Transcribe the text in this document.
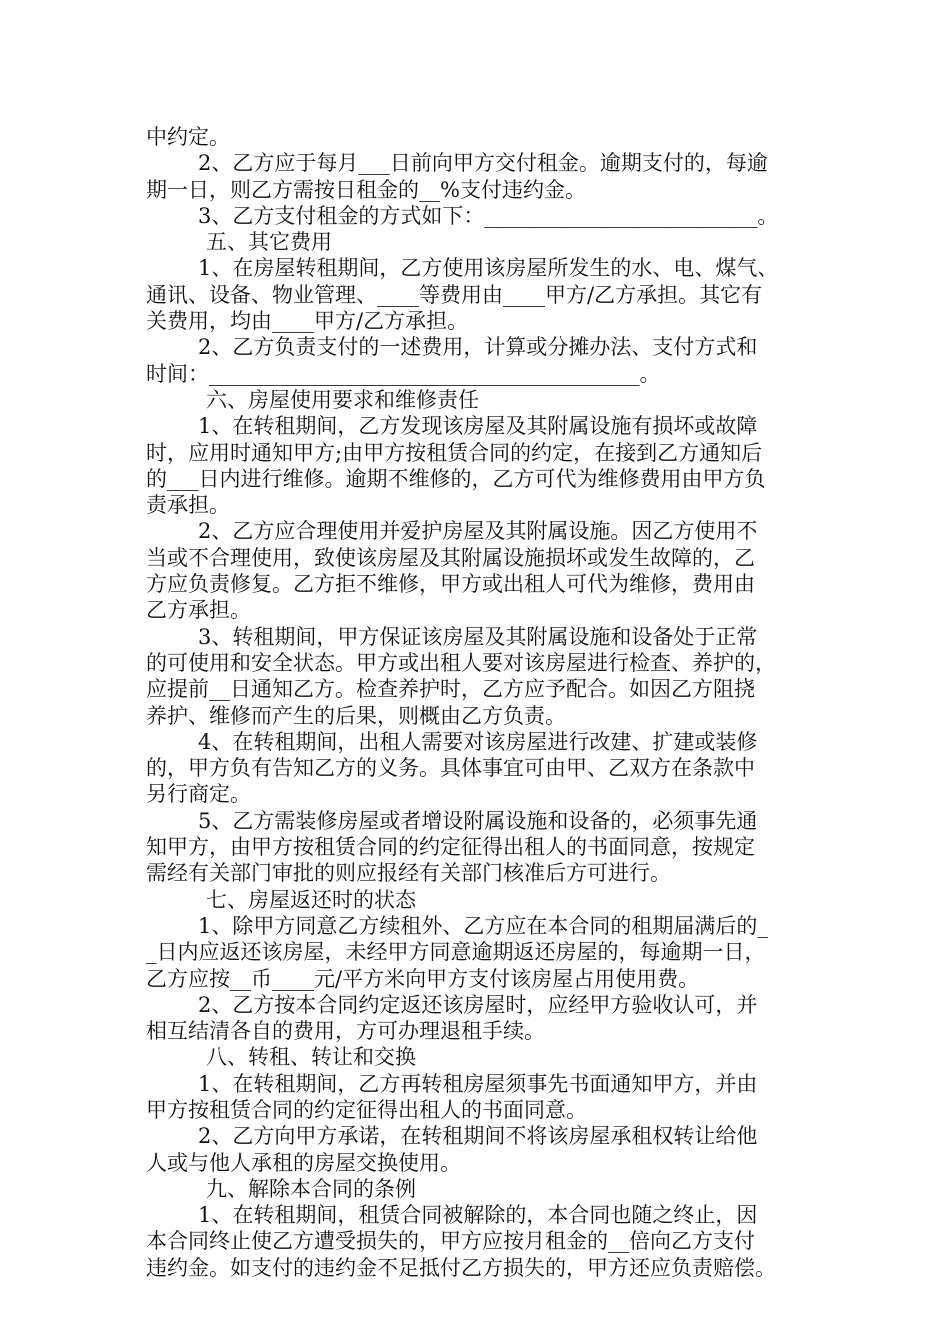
中约定。
2、乙方应于每月___日前向甲方交付租金。逾期支付的，每逾
期一日，则乙方需按日租金的__%支付违约金。
3、乙方支付租金的方式如下：__________________________。
五、其它费用
1、在房屋转租期间，乙方使用该房屋所发生的水、电、煤气、
通讯、设备、物业管理、____等费用由____甲方/乙方承担。其它有
关费用，均由____甲方/乙方承担。
2、乙方负责支付的一述费用，计算或分摊办法、支付方式和
时间：_________________________________________。
六、房屋使用要求和维修责任
1、在转租期间，乙方发现该房屋及其附属设施有损坏或故障
时，应用时通知甲方;由甲方按租赁合同的约定，在接到乙方通知后
的___日内进行维修。逾期不维修的，乙方可代为维修费用由甲方负
责承担。
2、乙方应合理使用并爱护房屋及其附属设施。因乙方使用不
当或不合理使用，致使该房屋及其附属设施损坏或发生故障的，乙
方应负责修复。乙方拒不维修，甲方或出租人可代为维修，费用由
乙方承担。
3、转租期间，甲方保证该房屋及其附属设施和设备处于正常
的可使用和安全状态。甲方或出租人要对该房屋进行检查、养护的，
应提前__日通知乙方。检查养护时，乙方应予配合。如因乙方阻挠
养护、维修而产生的后果，则概由乙方负责。
4、在转租期间，出租人需要对该房屋进行改建、扩建或装修
的，甲方负有告知乙方的义务。具体事宜可由甲、乙双方在条款中
另行商定。
5、乙方需装修房屋或者增设附属设施和设备的，必须事先通
知甲方，由甲方按租赁合同的约定征得出租人的书面同意，按规定
需经有关部门审批的则应报经有关部门核准后方可进行。
七、房屋返还时的状态
1、除甲方同意乙方续租外、乙方应在本合同的租期届满后的_
_日内应返还该房屋，未经甲方同意逾期返还房屋的，每逾期一日，
乙方应按__币____元/平方米向甲方支付该房屋占用使用费。
2、乙方按本合同约定返还该房屋时，应经甲方验收认可，并
相互结清各自的费用，方可办理退租手续。
八、转租、转让和交换
1、在转租期间，乙方再转租房屋须事先书面通知甲方，并由
甲方按租赁合同的约定征得出租人的书面同意。
2、乙方向甲方承诺，在转租期间不将该房屋承租权转让给他
人或与他人承租的房屋交换使用。
九、解除本合同的条例
1、在转租期间，租赁合同被解除的，本合同也随之终止，因
本合同终止使乙方遭受损失的，甲方应按月租金的__倍向乙方支付
违约金。如支付的违约金不足抵付乙方损失的，甲方还应负责赔偿。
